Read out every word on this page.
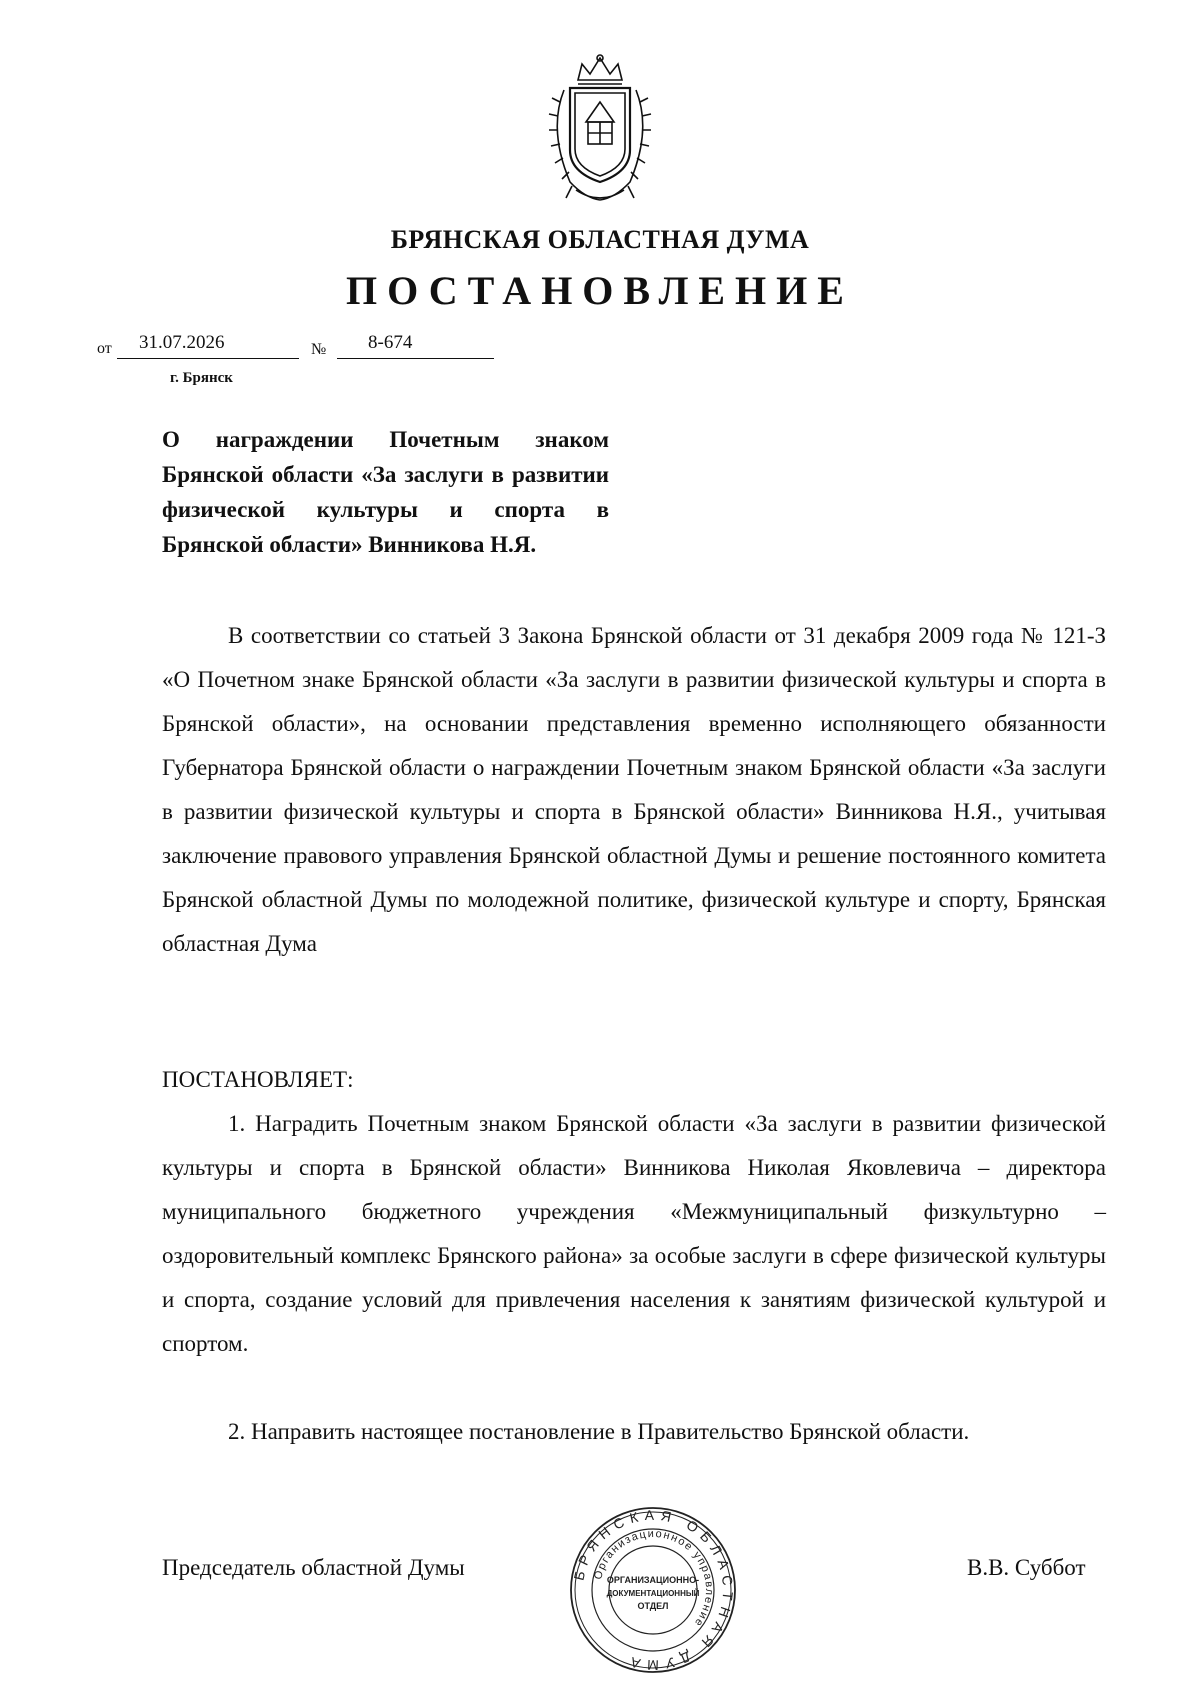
БРЯНСКАЯ ОБЛАСТНАЯ ДУМА
ПОСТАНОВЛЕНИЕ
от 31.07.2026	№ 8-674
г. Брянск
О награждении Почетным знаком Брянской области «За заслуги в развитии физической культуры и спорта в Брянской области» Винникова Н.Я.
В соответствии со статьей 3 Закона Брянской области от 31 декабря 2009 года № 121-З «О Почетном знаке Брянской области «За заслуги в развитии физической культуры и спорта в Брянской области», на основании представления временно исполняющего обязанности Губернатора Брянской области о награждении Почетным знаком Брянской области «За заслуги в развитии физической культуры и спорта в Брянской области» Винникова Н.Я., учитывая заключение правового управления Брянской областной Думы и решение постоянного комитета Брянской областной Думы по молодежной политике, физической культуре и спорту, Брянская областная Дума
ПОСТАНОВЛЯЕТ:
1. Наградить Почетным знаком Брянской области «За заслуги в развитии физической культуры и спорта в Брянской области» Винникова Николая Яковлевича – директора муниципального бюджетного учреждения «Межмуниципальный физкультурно – оздоровительный комплекс Брянского района» за особые заслуги в сфере физической культуры и спорта, создание условий для привлечения населения к занятиям физической культурой и спортом.
2. Направить настоящее постановление в Правительство Брянской области.
Председатель областной Думы	В.В. Суббот
БРЯНСКАЯ ОБЛАСТНАЯ ДУМА
Организационное управление
ОРГАНИЗАЦИОННО-
ДОКУМЕНТАЦИОННЫЙ
ОТДЕЛ
